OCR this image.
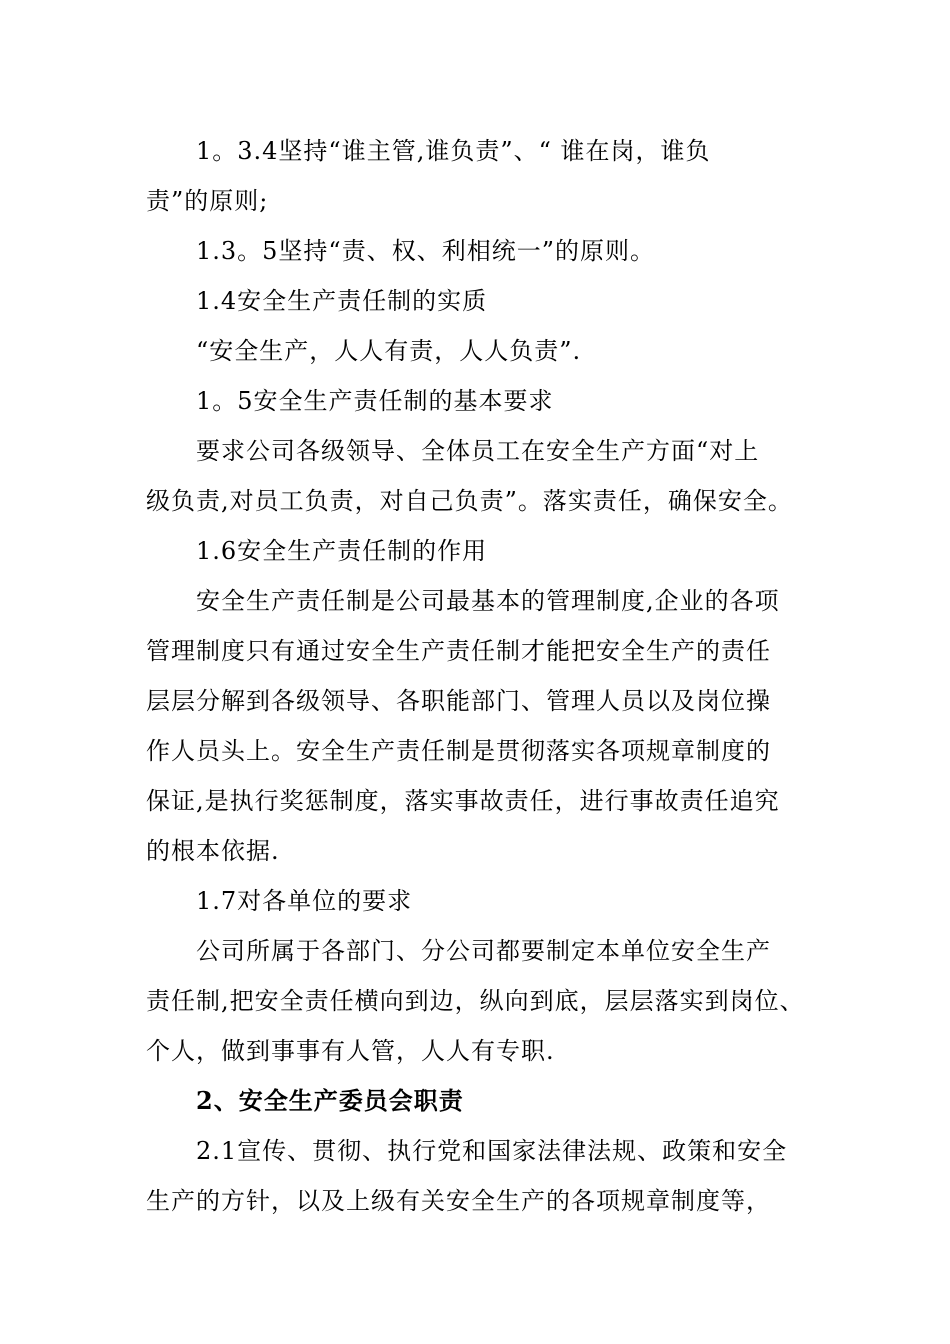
1。3.4坚持“谁主管,谁负责”、“ 谁在岗，谁负
责”的原则;
1.3。5坚持“责、权、利相统一”的原则。
1.4安全生产责任制的实质
“安全生产，人人有责，人人负责”.
1。5安全生产责任制的基本要求
要求公司各级领导、全体员工在安全生产方面“对上
级负责,对员工负责，对自己负责”。落实责任，确保安全。
1.6安全生产责任制的作用
安全生产责任制是公司最基本的管理制度,企业的各项
管理制度只有通过安全生产责任制才能把安全生产的责任
层层分解到各级领导、各职能部门、管理人员以及岗位操
作人员头上。安全生产责任制是贯彻落实各项规章制度的
保证,是执行奖惩制度，落实事故责任，进行事故责任追究
的根本依据.
1.7对各单位的要求
公司所属于各部门、分公司都要制定本单位安全生产
责任制,把安全责任横向到边，纵向到底，层层落实到岗位、
个人，做到事事有人管，人人有专职.
2、安全生产委员会职责
2.1宣传、贯彻、执行党和国家法律法规、政策和安全
生产的方针，以及上级有关安全生产的各项规章制度等，
